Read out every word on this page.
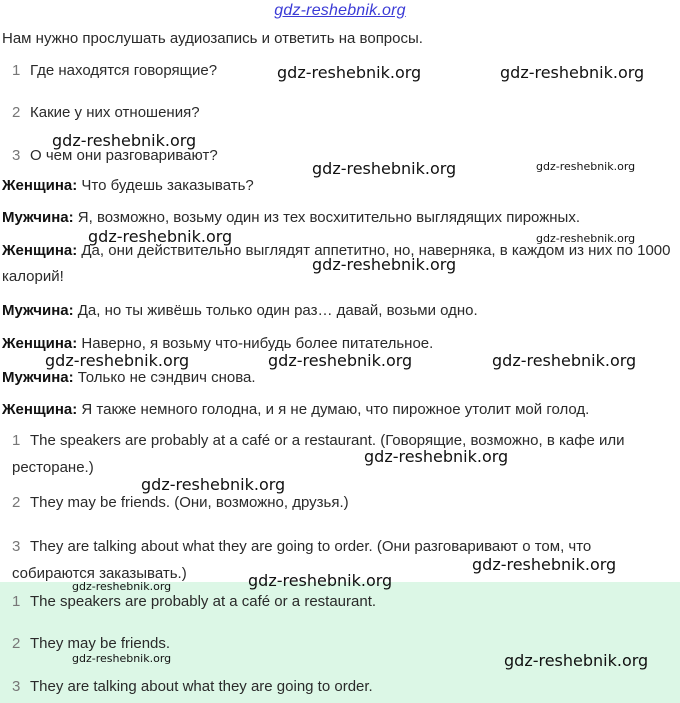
gdz-reshebnik.org
Нам нужно прослушать аудиозапись и ответить на вопросы.
1 Где находятся говорящие?
2 Какие у них отношения?
3 О чем они разговаривают?
Женщина: Что будешь заказывать?
Мужчина: Я, возможно, возьму один из тех восхитительно выглядящих пирожных.
Женщина: Да, они действительно выглядят аппетитно, но, наверняка, в каждом из них по 1000 калорий!
Мужчина: Да, но ты живёшь только один раз… давай, возьми одно.
Женщина: Наверно, я возьму что-нибудь более питательное.
Мужчина: Только не сэндвич снова.
Женщина: Я также немного голодна, и я не думаю, что пирожное утолит мой голод.
1 The speakers are probably at a café or a restaurant. (Говорящие, возможно, в кафе или ресторане.)
2 They may be friends. (Они, возможно, друзья.)
3 They are talking about what they are going to order. (Они разговаривают о том, что собираются заказывать.)
1 The speakers are probably at a café or a restaurant.
2 They may be friends.
3 They are talking about what they are going to order.
gdz-reshebnik.org	gdz-reshebnik.org
gdz-reshebnik.org
gdz-reshebnik.org	gdz-reshebnik.org
gdz-reshebnik.org	gdz-reshebnik.org
gdz-reshebnik.org
gdz-reshebnik.org	gdz-reshebnik.org	gdz-reshebnik.org
gdz-reshebnik.org
gdz-reshebnik.org
gdz-reshebnik.org
gdz-reshebnik.org	gdz-reshebnik.org
gdz-reshebnik.org	gdz-reshebnik.org
